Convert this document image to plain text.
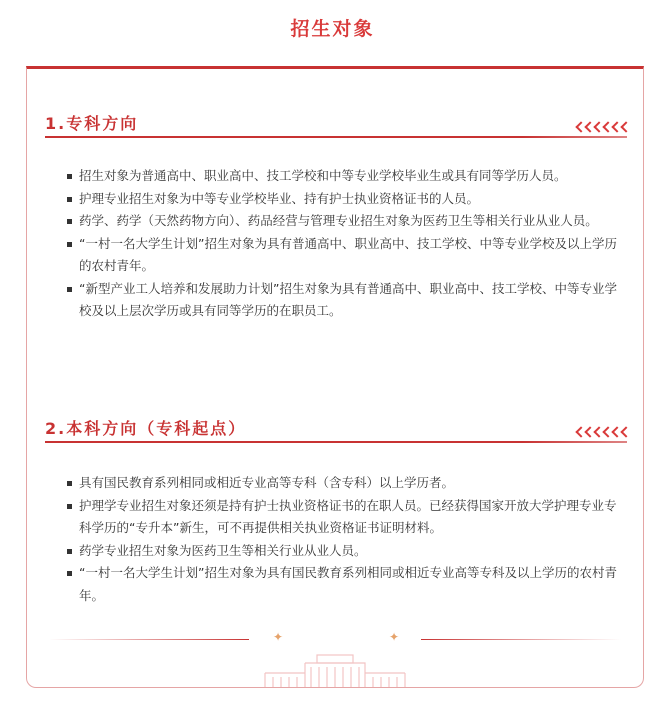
招生对象
1.专科方向
招生对象为普通高中、职业高中、技工学校和中等专业学校毕业生或具有同等学历人员。
护理专业招生对象为中等专业学校毕业、持有护士执业资格证书的人员。
药学、药学（天然药物方向）、药品经营与管理专业招生对象为医药卫生等相关行业从业人员。
“一村一名大学生计划”招生对象为具有普通高中、职业高中、技工学校、中等专业学校及以上学历的农村青年。
“新型产业工人培养和发展助力计划”招生对象为具有普通高中、职业高中、技工学校、中等专业学校及以上层次学历或具有同等学历的在职员工。
2.本科方向（专科起点）
具有国民教育系列相同或相近专业高等专科（含专科）以上学历者。
护理学专业招生对象还须是持有护士执业资格证书的在职人员。已经获得国家开放大学护理专业专科学历的“专升本”新生，可不再提供相关执业资格证书证明材料。
药学专业招生对象为医药卫生等相关行业从业人员。
“一村一名大学生计划”招生对象为具有国民教育系列相同或相近专业高等专科及以上学历的农村青年。
✦	✦
